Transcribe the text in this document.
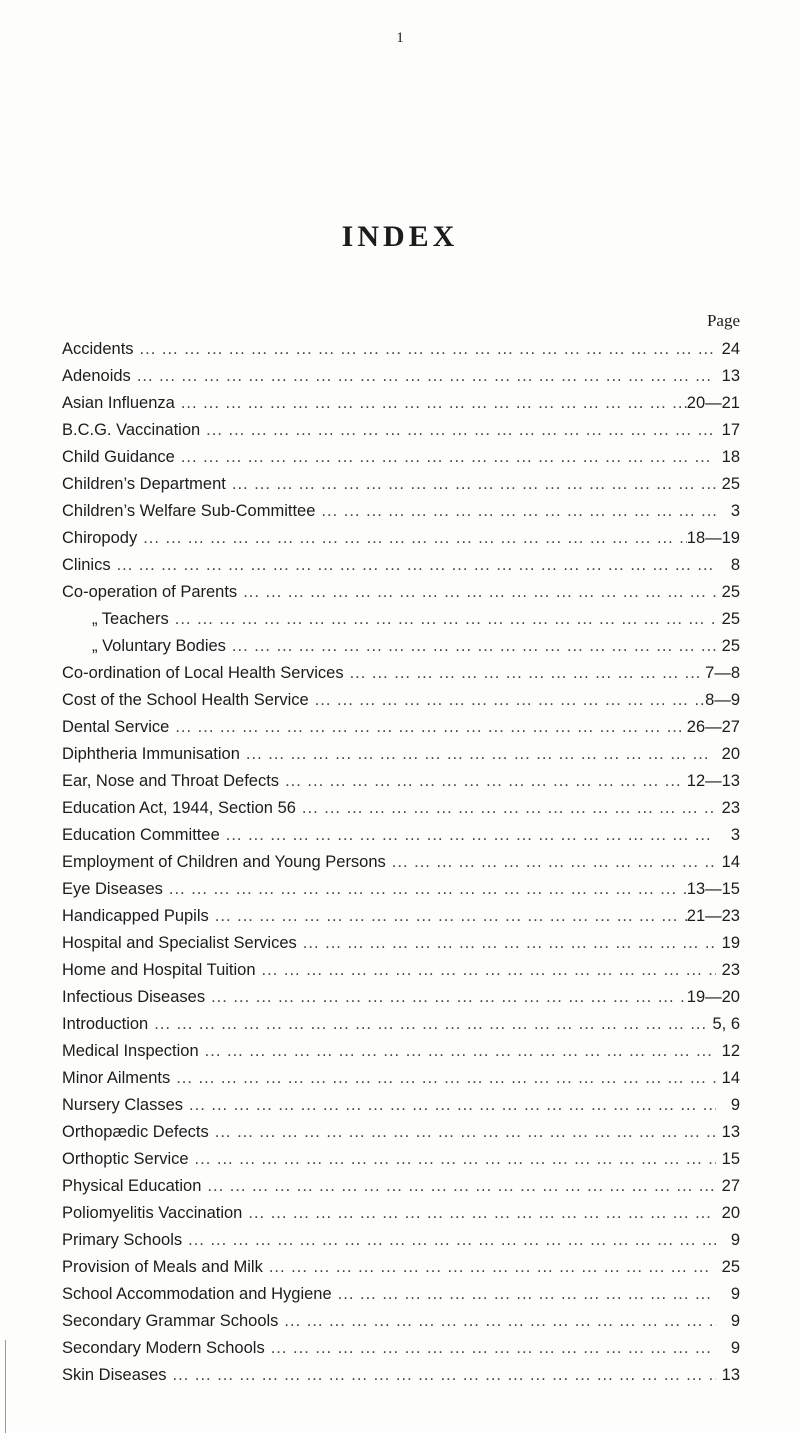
1
INDEX
Page
Accidents ... .	24
Adenoids ... .	13
Asian Influenza ... .	20—21
B.C.G. Vaccination ... .	17
Child Guidance ... .	18
Children’s Department ... .	25
Children’s Welfare Sub-Committee ... .	3
Chiropody ... .	18—19
Clinics ... .	8
Co-operation of Parents ... .	25
„ Teachers ... .	25
„ Voluntary Bodies ... .	25
Co-ordination of Local Health Services ... .	7—8
Cost of the School Health Service ... .	8—9
Dental Service ... .	26—27
Diphtheria Immunisation ... .	20
Ear, Nose and Throat Defects ... .	12—13
Education Act, 1944, Section 56 ... .	23
Education Committee ... .	3
Employment of Children and Young Persons ... .	14
Eye Diseases ... .	13—15
Handicapped Pupils ... .	21—23
Hospital and Specialist Services ... .	19
Home and Hospital Tuition ... .	23
Infectious Diseases ... .	19—20
Introduction ... .	5, 6
Medical Inspection ... .	12
Minor Ailments ... .	14
Nursery Classes ... .	9
Orthopædic Defects ... .	13
Orthoptic Service ... .	15
Physical Education ... .	27
Poliomyelitis Vaccination ... .	20
Primary Schools ... .	9
Provision of Meals and Milk ... .	25
School Accommodation and Hygiene ... .	9
Secondary Grammar Schools ... .	9
Secondary Modern Schools ... .	9
Skin Diseases ... .	13
